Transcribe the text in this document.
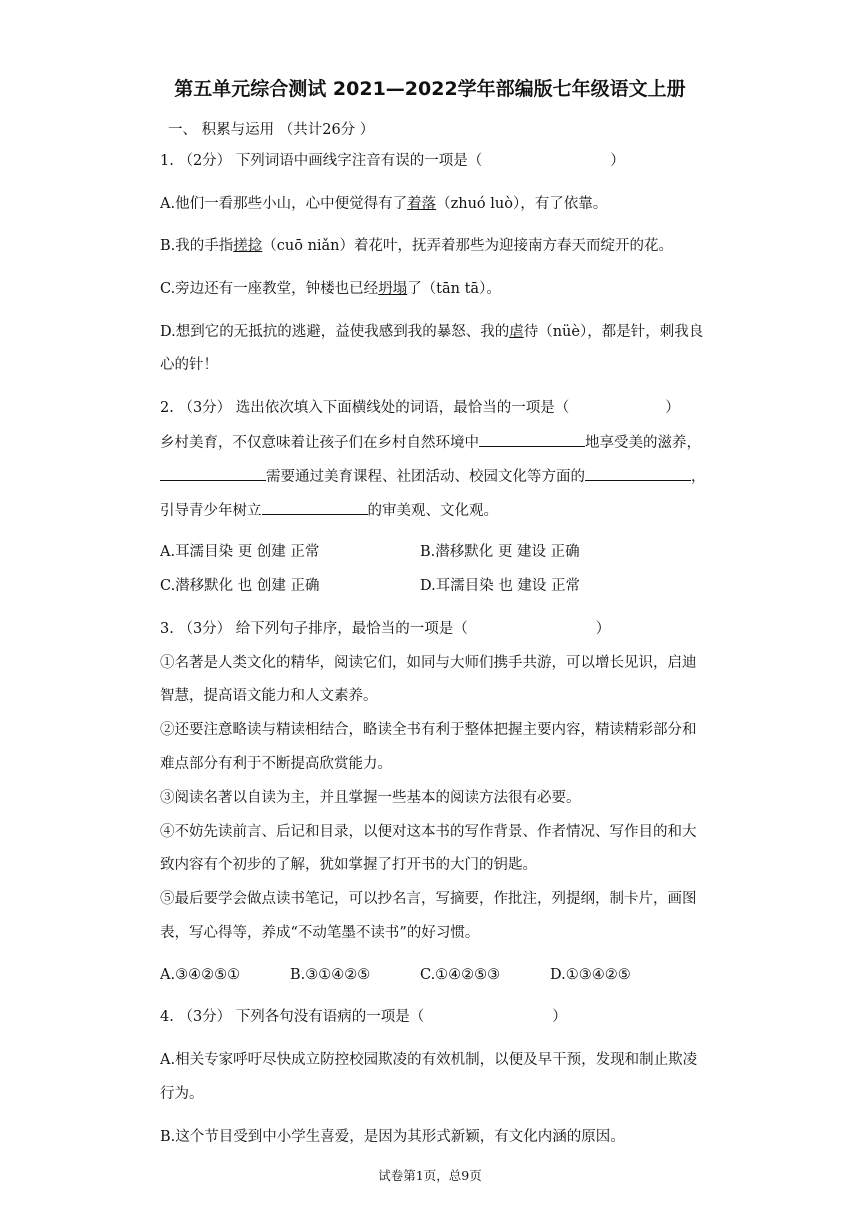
第五单元综合测试 2021—2022学年部编版七年级语文上册
一、 积累与运用 （共计26分 ）
1. （2分） 下列词语中画线字注音有误的一项是（	）
A.他们一看那些小山，心中便觉得有了着落（zhuó luò），有了依靠。
B.我的手指搓捻（cuō niǎn）着花叶，抚弄着那些为迎接南方春天而绽开的花。
C.旁边还有一座教堂，钟楼也已经坍塌了（tān tā）。
D.想到它的无抵抗的逃避，益使我感到我的暴怒、我的虐待（nüè），都是针，刺我良
心的针！
2. （3分） 选出依次填入下面横线处的词语，最恰当的一项是（	）
乡村美育，不仅意味着让孩子们在乡村自然环境中	地享受美的滋养，
需要通过美育课程、社团活动、校园文化等方面的	，
引导青少年树立	的审美观、文化观。
A.耳濡目染 更 创建 正常	B.潜移默化 更 建设 正确
C.潜移默化 也 创建 正确	D.耳濡目染 也 建设 正常
3. （3分） 给下列句子排序，最恰当的一项是（	）
①名著是人类文化的精华，阅读它们，如同与大师们携手共游，可以增长见识，启迪
智慧，提高语文能力和人文素养。
②还要注意略读与精读相结合，略读全书有利于整体把握主要内容，精读精彩部分和
难点部分有利于不断提高欣赏能力。
③阅读名著以自读为主，并且掌握一些基本的阅读方法很有必要。
④不妨先读前言、后记和目录，以便对这本书的写作背景、作者情况、写作目的和大
致内容有个初步的了解，犹如掌握了打开书的大门的钥匙。
⑤最后要学会做点读书笔记，可以抄名言，写摘要，作批注，列提纲，制卡片，画图
表，写心得等，养成“不动笔墨不读书”的好习惯。
A.③④②⑤①	B.③①④②⑤	C.①④②⑤③	D.①③④②⑤
4. （3分） 下列各句没有语病的一项是（	）
A.相关专家呼吁尽快成立防控校园欺凌的有效机制，以便及早干预，发现和制止欺凌
行为。
B.这个节目受到中小学生喜爱，是因为其形式新颖，有文化内涵的原因。
试卷第1页，总9页
